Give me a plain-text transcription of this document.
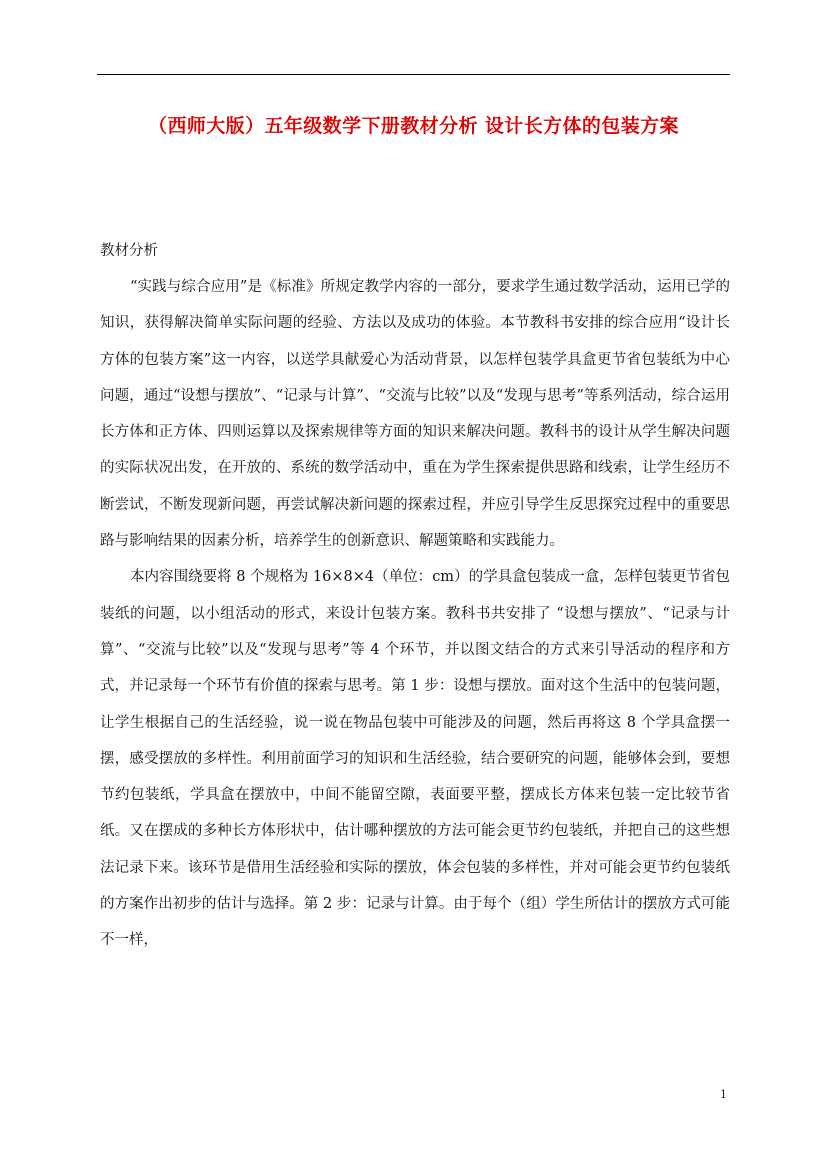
（西师大版）五年级数学下册教材分析 设计长方体的包装方案

教材分析

“实践与综合应用”是《标准》所规定教学内容的一部分，要求学生通过数学活动，运用已学的知识，获得解决简单实际问题的经验、方法以及成功的体验。本节教科书安排的综合应用“设计长方体的包装方案”这一内容，以送学具献爱心为活动背景，以怎样包装学具盒更节省包装纸为中心问题，通过“设想与摆放”、“记录与计算”、“交流与比较”以及“发现与思考”等系列活动，综合运用长方体和正方体、四则运算以及探索规律等方面的知识来解决问题。教科书的设计从学生解决问题的实际状况出发，在开放的、系统的数学活动中，重在为学生探索提供思路和线索，让学生经历不断尝试，不断发现新问题，再尝试解决新问题的探索过程，并应引导学生反思探究过程中的重要思路与影响结果的因素分析，培养学生的创新意识、解题策略和实践能力。

本内容围绕要将 8 个规格为 16×8×4（单位：cm）的学具盒包装成一盒，怎样包装更节省包装纸的问题，以小组活动的形式，来设计包装方案。教科书共安排了 “设想与摆放”、“记录与计算”、“交流与比较”以及“发现与思考”等 4 个环节，并以图文结合的方式来引导活动的程序和方式，并记录每一个环节有价值的探索与思考。第 1 步：设想与摆放。面对这个生活中的包装问题，让学生根据自己的生活经验，说一说在物品包装中可能涉及的问题，然后再将这 8 个学具盒摆一摆，感受摆放的多样性。利用前面学习的知识和生活经验，结合要研究的问题，能够体会到，要想节约包装纸，学具盒在摆放中，中间不能留空隙，表面要平整，摆成长方体来包装一定比较节省纸。又在摆成的多种长方体形状中，估计哪种摆放的方法可能会更节约包装纸，并把自己的这些想法记录下来。该环节是借用生活经验和实际的摆放，体会包装的多样性，并对可能会更节约包装纸的方案作出初步的估计与选择。第 2 步：记录与计算。由于每个（组）学生所估计的摆放方式可能不一样，

1
